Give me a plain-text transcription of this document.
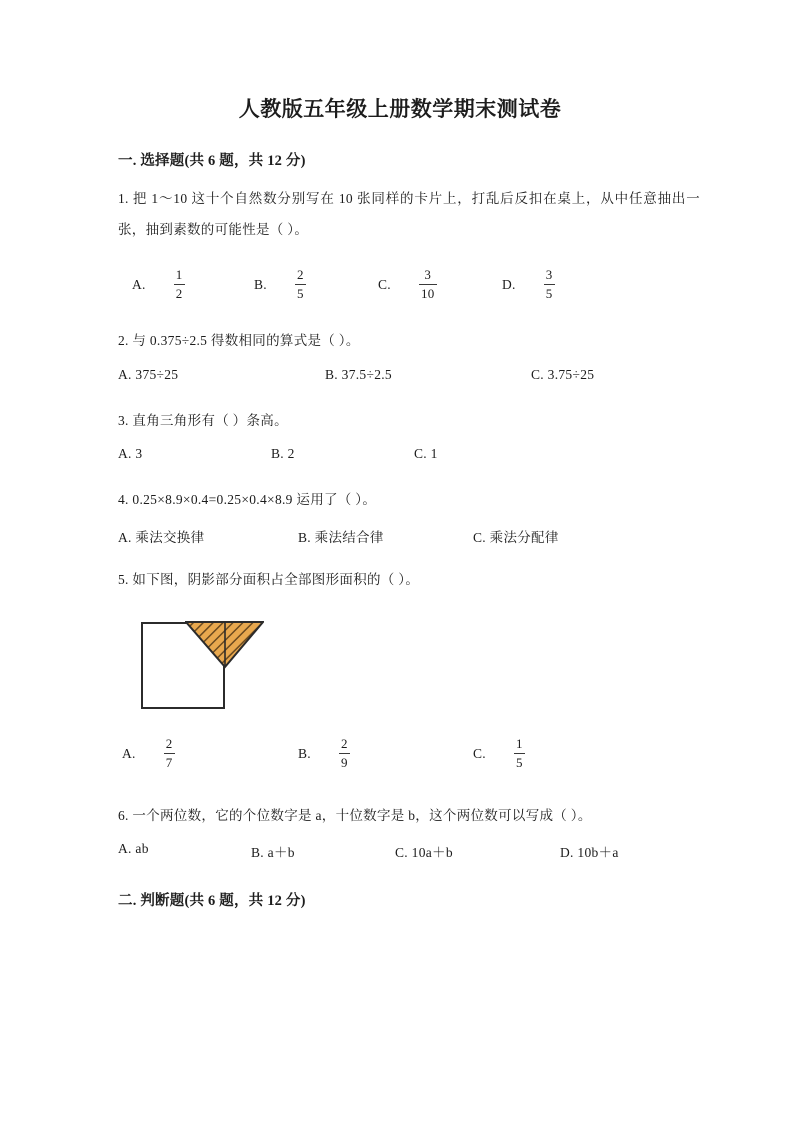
人教版五年级上册数学期末测试卷
一. 选择题(共 6 题，共 12 分)

1. 把 1～10 这十个自然数分别写在 10 张同样的卡片上，打乱后反扣在桌上，从中任意抽出一张，抽到素数的可能性是（ ）。

A. $\frac{1}{2}$	B. $\frac{2}{5}$	C. $\frac{3}{10}$	D. $\frac{3}{5}$

2. 与 0.375÷2.5 得数相同的算式是（ ）。

A. 375÷25	B. 37.5÷2.5	C. 3.75÷25

3. 直角三角形有（ ）条高。

A. 3	B. 2	C. 1

4. 0.25×8.9×0.4=0.25×0.4×8.9 运用了（ ）。

A. 乘法交换律	B. 乘法结合律	C. 乘法分配律

5. 如下图，阴影部分面积占全部图形面积的（ ）。

A. $\frac{2}{7}$	B. $\frac{2}{9}$	C. $\frac{1}{5}$

6. 一个两位数，它的个位数字是 a，十位数字是 b，这个两位数可以写成（ ）。

A. ab	B. a＋b	C. 10a＋b	D. 10b＋a
二. 判断题(共 6 题，共 12 分)
